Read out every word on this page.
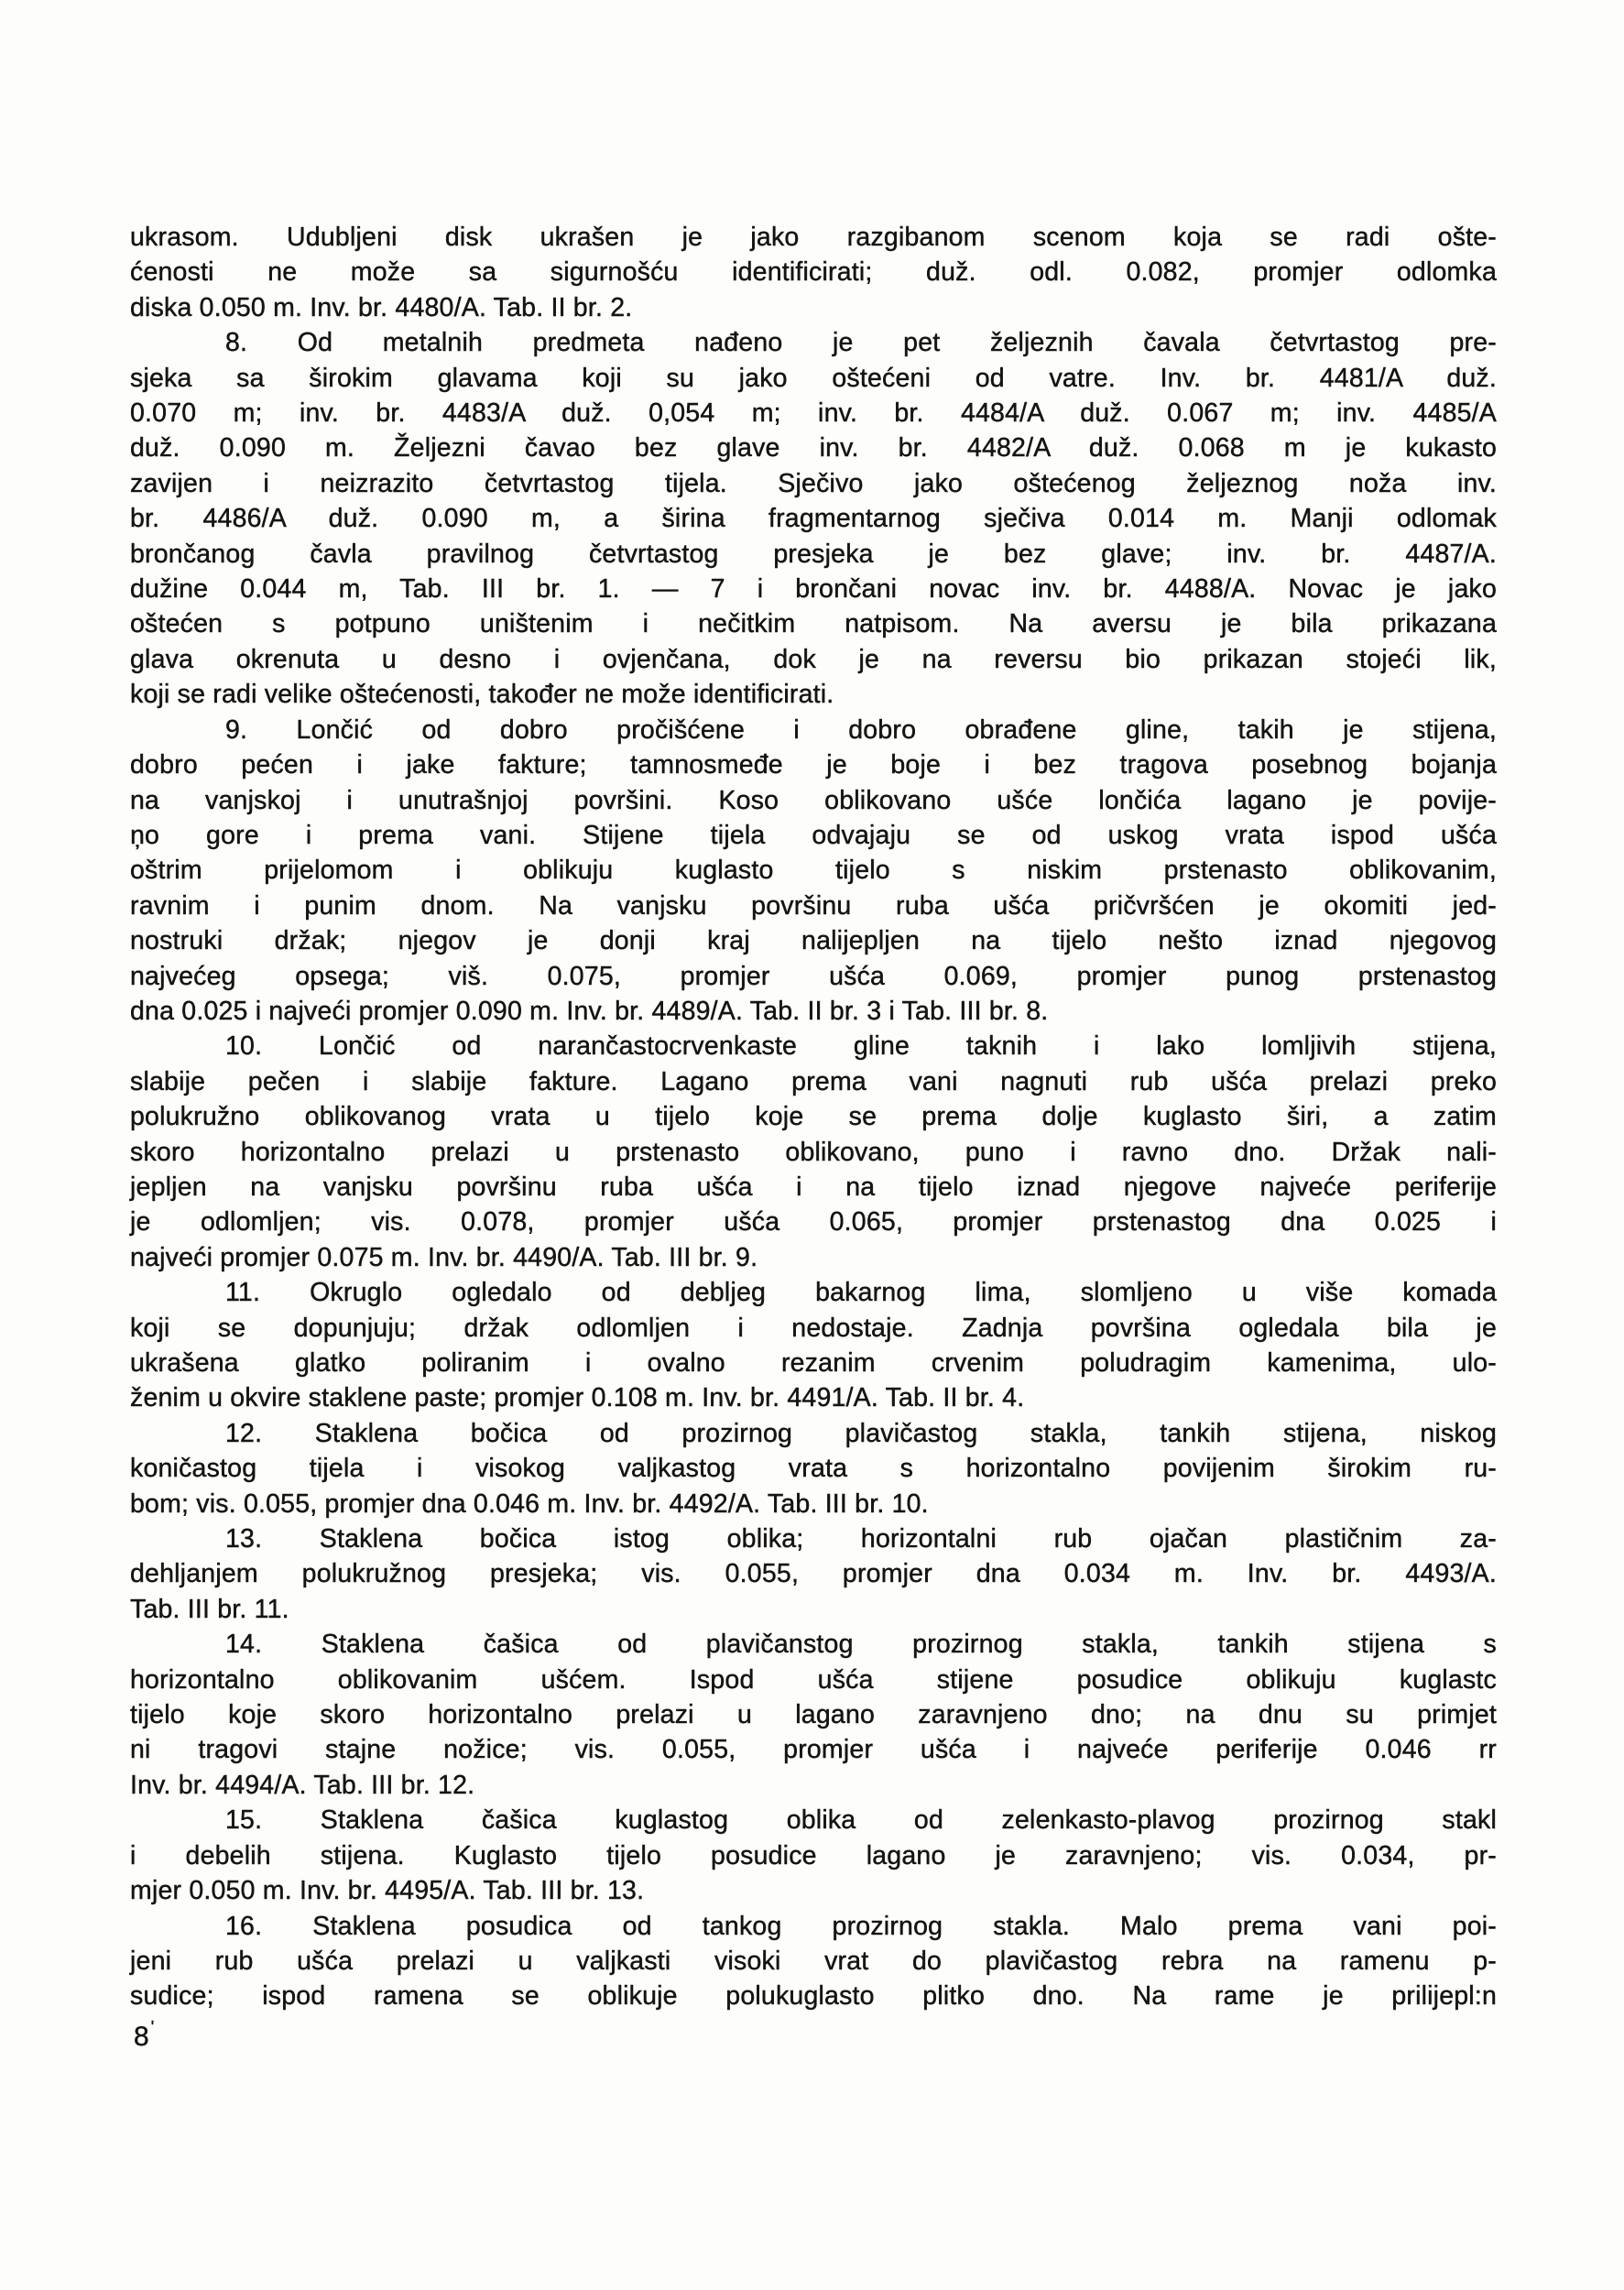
ukrasom. Udubljeni disk ukrašen je jako razgibanom scenom koja se radi ošte-
ćenosti ne može sa sigurnošću identificirati; duž. odl. 0.082, promjer odlomka
diska 0.050 m. Inv. br. 4480/A. Tab. II br. 2.
8. Od metalnih predmeta nađeno je pet željeznih čavala četvrtastog pre-
sjeka sa širokim glavama koji su jako oštećeni od vatre. Inv. br. 4481/A duž.
0.070 m; inv. br. 4483/A duž. 0,054 m; inv. br. 4484/A duž. 0.067 m; inv. 4485/A
duž. 0.090 m. Željezni čavao bez glave inv. br. 4482/A duž. 0.068 m je kukasto
zavijen i neizrazito četvrtastog tijela. Sječivo jako oštećenog željeznog noža inv.
br. 4486/A duž. 0.090 m, a širina fragmentarnog sječiva 0.014 m. Manji odlomak
brončanog čavla pravilnog četvrtastog presjeka je bez glave; inv. br. 4487/A.
dužine 0.044 m, Tab. III br. 1. — 7 i brončani novac inv. br. 4488/A. Novac je jako
oštećen s potpuno uništenim i nečitkim natpisom. Na aversu je bila prikazana
glava okrenuta u desno i ovjenčana, dok je na reversu bio prikazan stojeći lik,
koji se radi velike oštećenosti, također ne može identificirati.
9. Lončić od dobro pročišćene i dobro obrađene gline, takih je stijena,
dobro pećen i jake fakture; tamnosmeđe je boje i bez tragova posebnog bojanja
na vanjskoj i unutrašnjoj površini. Koso oblikovano ušće lončića lagano je povije-
ņo gore i prema vani. Stijene tijela odvajaju se od uskog vrata ispod ušća
oštrim prijelomom i oblikuju kuglasto tijelo s niskim prstenasto oblikovanim,
ravnim i punim dnom. Na vanjsku površinu ruba ušća pričvršćen je okomiti jed-
nostruki držak; njegov je donji kraj nalijepljen na tijelo nešto iznad njegovog
najvećeg opsega; viš. 0.075, promjer ušća 0.069, promjer punog prstenastog
dna 0.025 i najveći promjer 0.090 m. Inv. br. 4489/A. Tab. II br. 3 i Tab. III br. 8.
10. Lončić od narančastocrvenkaste gline taknih i lako lomljivih stijena,
slabije pečen i slabije fakture. Lagano prema vani nagnuti rub ušća prelazi preko
polukružno oblikovanog vrata u tijelo koje se prema dolje kuglasto širi, a zatim
skoro horizontalno prelazi u prstenasto oblikovano, puno i ravno dno. Držak nali-
jepljen na vanjsku površinu ruba ušća i na tijelo iznad njegove najveće periferije
je odlomljen; vis. 0.078, promjer ušća 0.065, promjer prstenastog dna 0.025 i
najveći promjer 0.075 m. Inv. br. 4490/A. Tab. III br. 9.
11. Okruglo ogledalo od debljeg bakarnog lima, slomljeno u više komada
koji se dopunjuju; držak odlomljen i nedostaje. Zadnja površina ogledala bila je
ukrašena glatko poliranim i ovalno rezanim crvenim poludragim kamenima, ulo-
ženim u okvire staklene paste; promjer 0.108 m. Inv. br. 4491/A. Tab. II br. 4.
12. Staklena bočica od prozirnog plavičastog stakla, tankih stijena, niskog
koničastog tijela i visokog valjkastog vrata s horizontalno povijenim širokim ru-
bom; vis. 0.055, promjer dna 0.046 m. Inv. br. 4492/A. Tab. III br. 10.
13. Staklena bočica istog oblika; horizontalni rub ojačan plastičnim za-
dehljanjem polukružnog presjeka; vis. 0.055, promjer dna 0.034 m. Inv. br. 4493/A.
Tab. III br. 11.
14. Staklena čašica od plavičanstog prozirnog stakla, tankih stijena s
horizontalno oblikovanim ušćem. Ispod ušća stijene posudice oblikuju kuglastc
tijelo koje skoro horizontalno prelazi u lagano zaravnjeno dno; na dnu su primjet
ni tragovi stajne nožice; vis. 0.055, promjer ušća i najveće periferije 0.046 rr
Inv. br. 4494/A. Tab. III br. 12.
15. Staklena čašica kuglastog oblika od zelenkasto-plavog prozirnog stakl
i debelih stijena. Kuglasto tijelo posudice lagano je zaravnjeno; vis. 0.034, pr-
mjer 0.050 m. Inv. br. 4495/A. Tab. III br. 13.
16. Staklena posudica od tankog prozirnog stakla. Malo prema vani poi-
jeni rub ušća prelazi u valjkasti visoki vrat do plavičastog rebra na ramenu p-
sudice; ispod ramena se oblikuje polukuglasto plitko dno. Na rame je prilijepl:n
8 '
